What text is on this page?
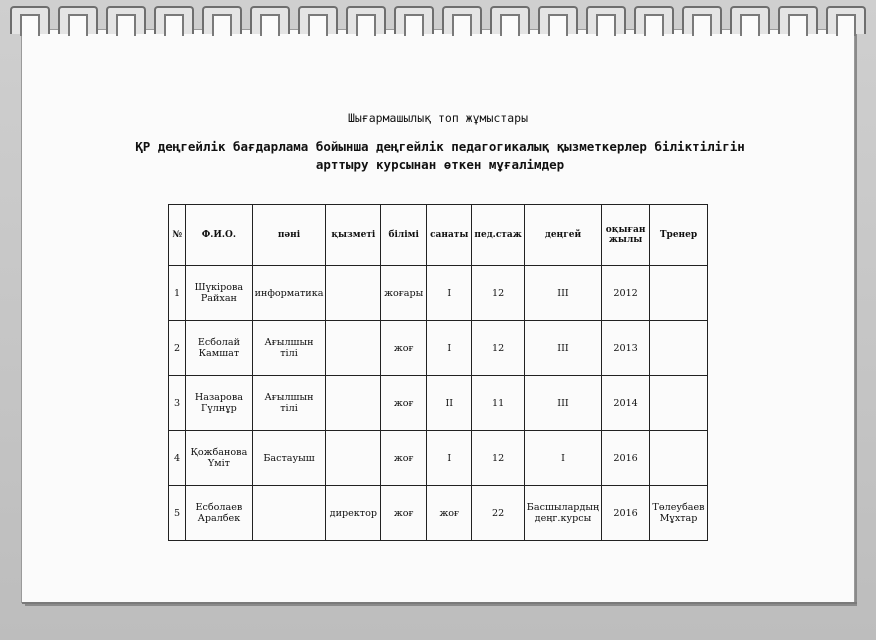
Шығармашылық топ жұмыстары
ҚР деңгейлік бағдарлама бойынша деңгейлік педагогикалық қызметкерлер біліктілігін
арттыру курсынан өткен мұғалімдер
№	Ф.И.О.	пәні	қызметі	білімі	санаты	пед.стаж	деңгей	оқыған жылы	Тренер
1	Шүкірова Райхан	информатика		жоғары	І	12	ІІІ	2012	
2	Есболай Камшат	Ағылшын тілі		жоғ	І	12	ІІІ	2013	
3	Назарова Гүлнұр	Ағылшын тілі		жоғ	ІІ	11	ІІІ	2014	
4	Қожбанова Үміт	Бастауыш		жоғ	І	12	І	2016	
5	Есболаев Аралбек		директор	жоғ	жоғ	22	Басшылардың деңг.курсы	2016	Төлеубаев Мұхтар
